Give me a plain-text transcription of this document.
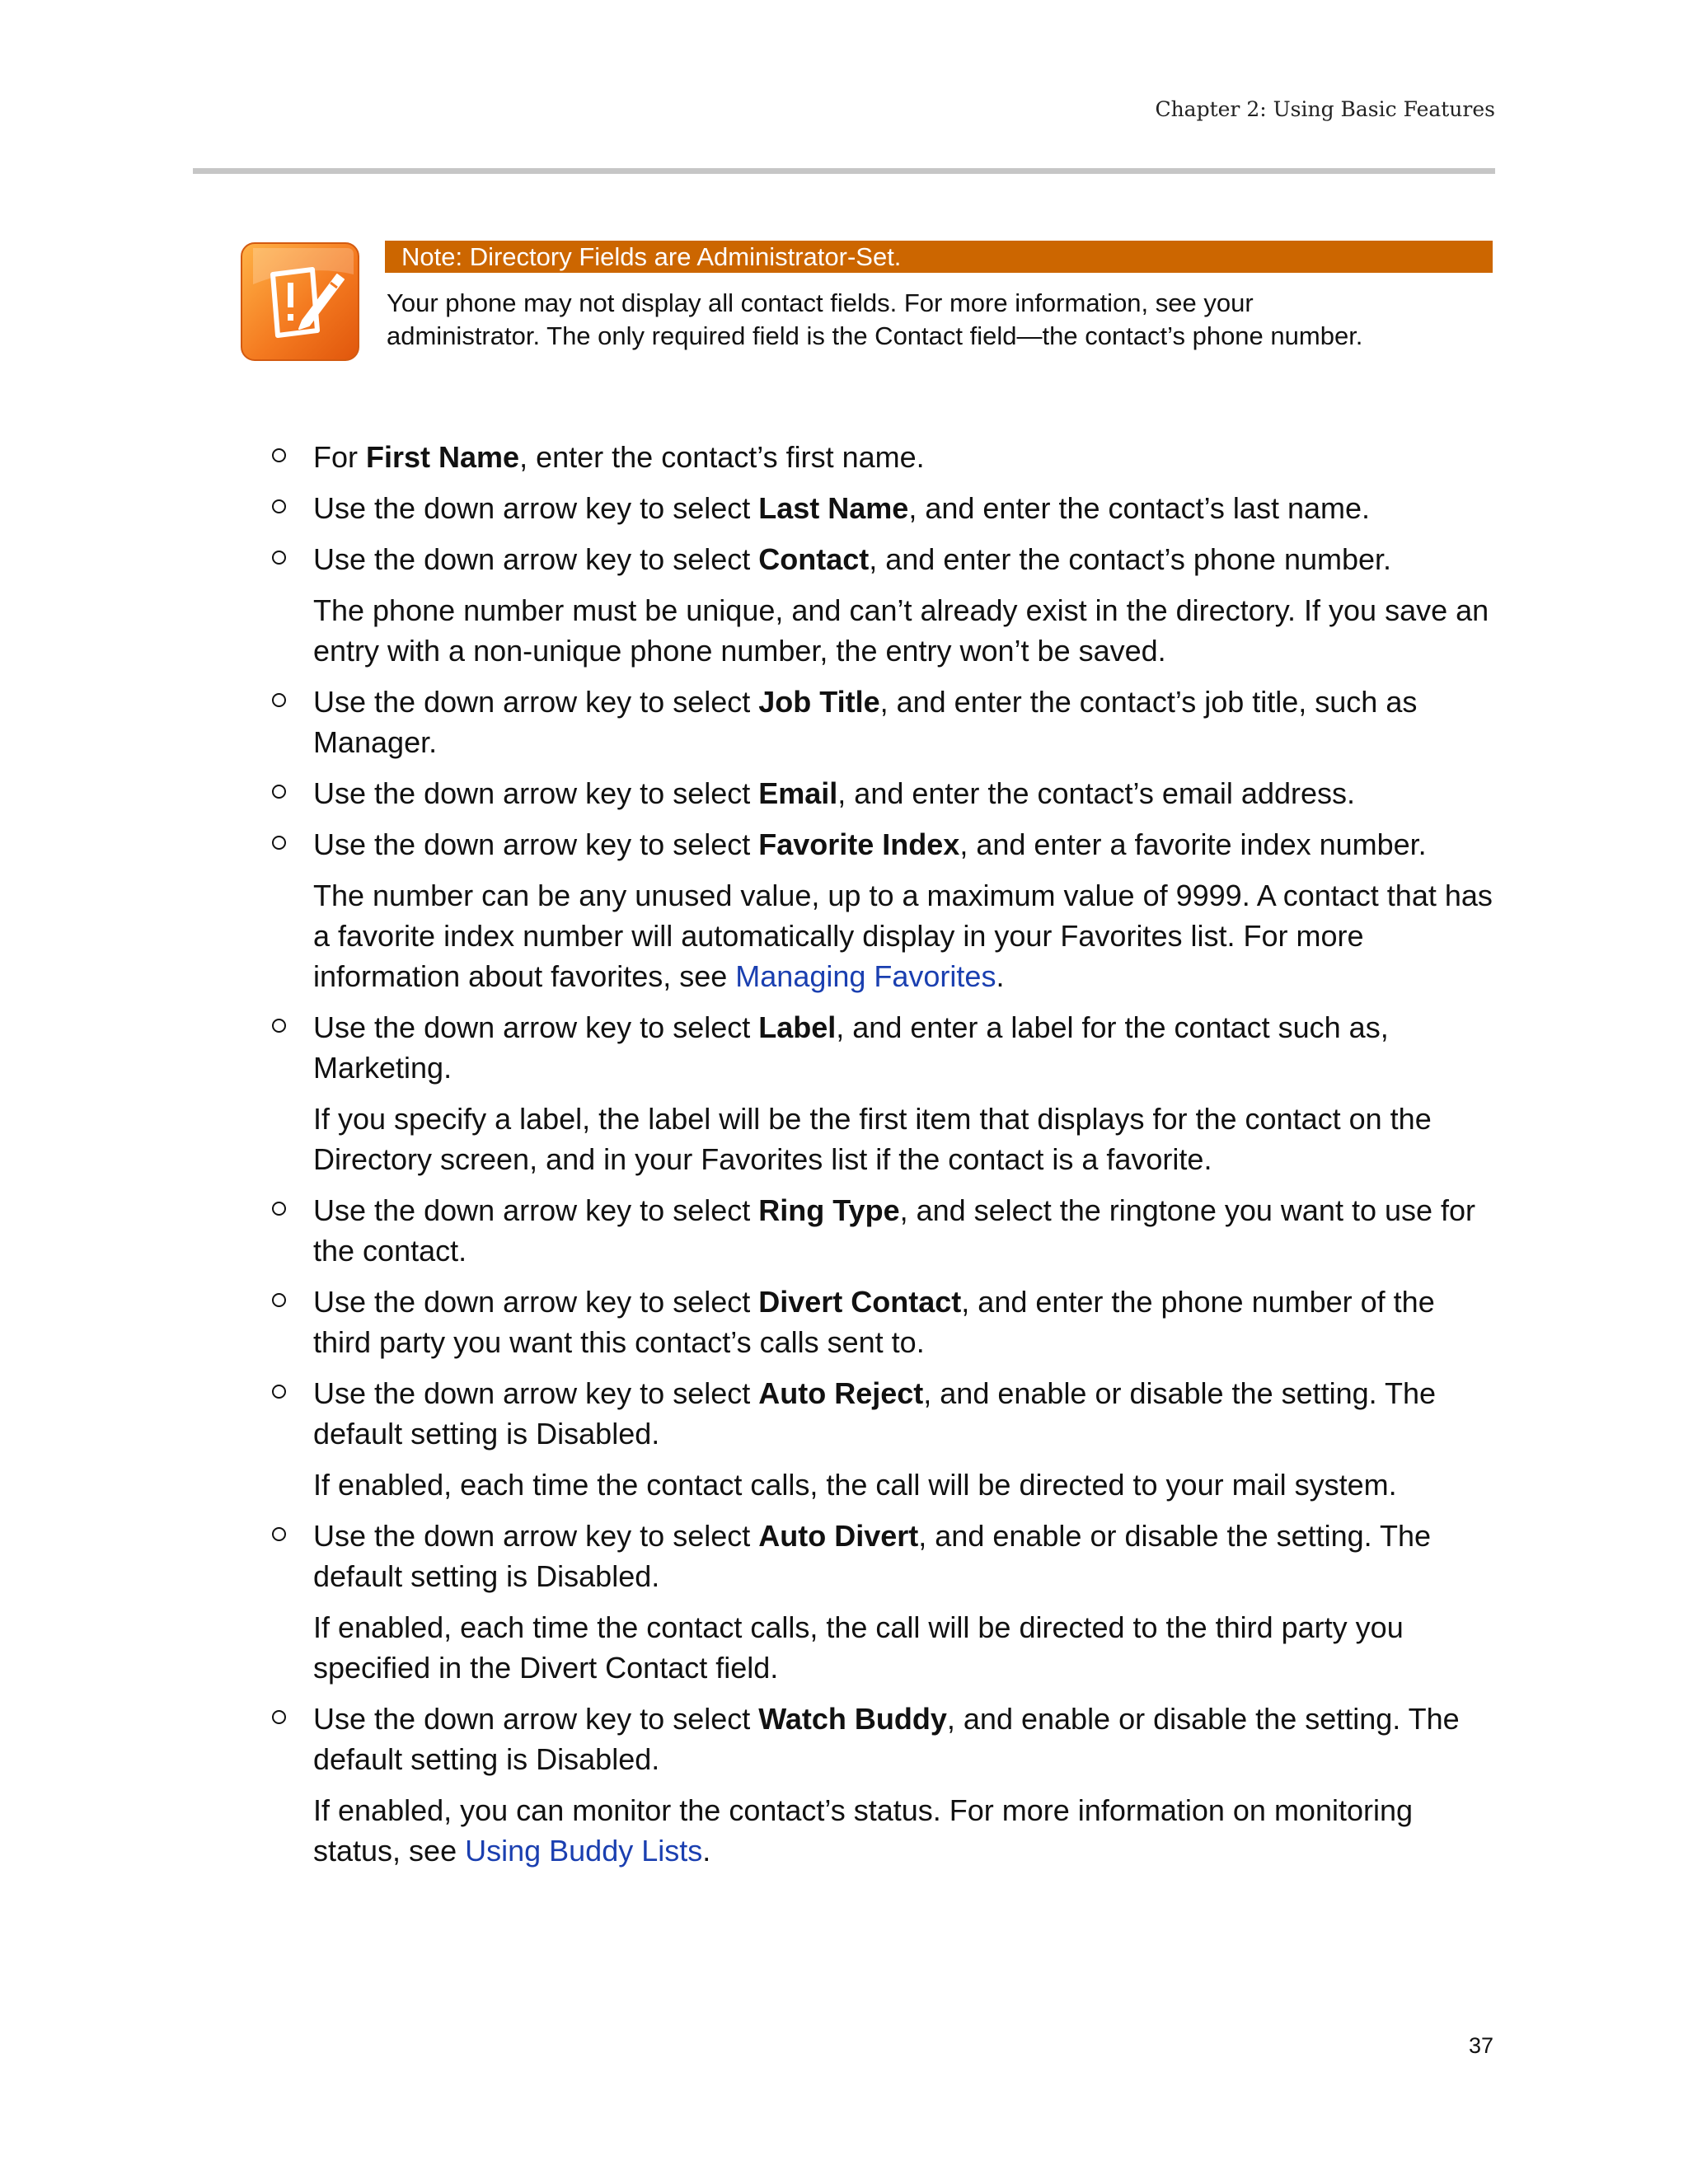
Chapter 2: Using Basic Features
Note: Directory Fields are Administrator-Set.

Your phone may not display all contact fields. For more information, see your

administrator. The only required field is the Contact field—the contact’s phone number.

For First Name, enter the contact’s first name.
Use the down arrow key to select Last Name, and enter the contact’s last name.
Use the down arrow key to select Contact, and enter the contact’s phone number.
The phone number must be unique, and can’t already exist in the directory. If you save an entry with a non-unique phone number, the entry won’t be saved.
Use the down arrow key to select Job Title, and enter the contact’s job title, such as Manager.
Use the down arrow key to select Email, and enter the contact’s email address.
Use the down arrow key to select Favorite Index, and enter a favorite index number.
The number can be any unused value, up to a maximum value of 9999. A contact that has a favorite index number will automatically display in your Favorites list. For more information about favorites, see Managing Favorites.
Use the down arrow key to select Label, and enter a label for the contact such as, Marketing.
If you specify a label, the label will be the first item that displays for the contact on the Directory screen, and in your Favorites list if the contact is a favorite.
Use the down arrow key to select Ring Type, and select the ringtone you want to use for the contact.
Use the down arrow key to select Divert Contact, and enter the phone number of the third party you want this contact’s calls sent to.
Use the down arrow key to select Auto Reject, and enable or disable the setting. The default setting is Disabled.
If enabled, each time the contact calls, the call will be directed to your mail system.
Use the down arrow key to select Auto Divert, and enable or disable the setting. The default setting is Disabled.
If enabled, each time the contact calls, the call will be directed to the third party you specified in the Divert Contact field.
Use the down arrow key to select Watch Buddy, and enable or disable the setting. The default setting is Disabled.
If enabled, you can monitor the contact’s status. For more information on monitoring status, see Using Buddy Lists.
37
